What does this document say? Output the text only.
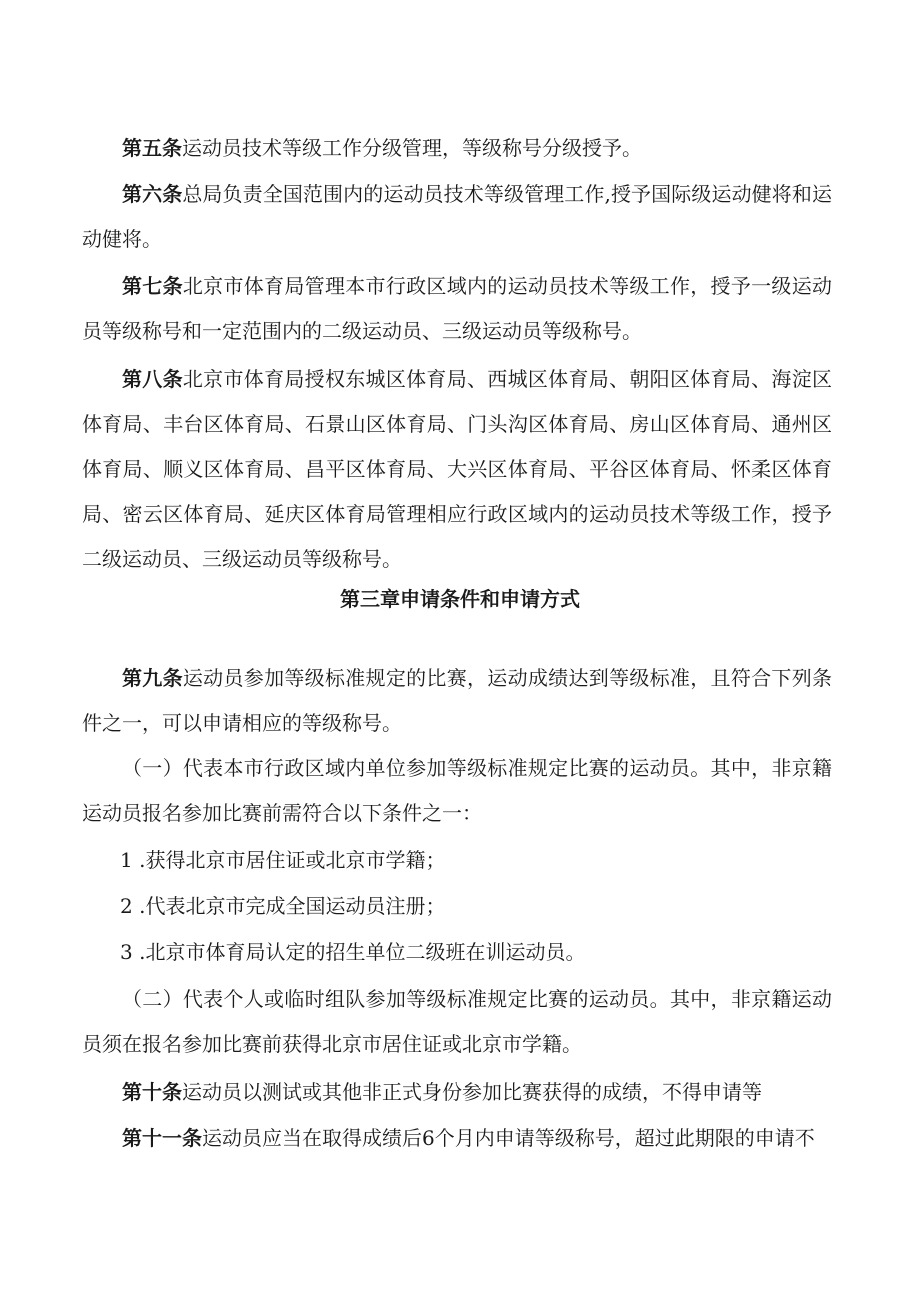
第五条运动员技术等级工作分级管理，等级称号分级授予。

第六条总局负责全国范围内的运动员技术等级管理工作,授予国际级运动健将和运动健将。

第七条北京市体育局管理本市行政区域内的运动员技术等级工作，授予一级运动员等级称号和一定范围内的二级运动员、三级运动员等级称号。

第八条北京市体育局授权东城区体育局、西城区体育局、朝阳区体育局、海淀区体育局、丰台区体育局、石景山区体育局、门头沟区体育局、房山区体育局、通州区体育局、顺义区体育局、昌平区体育局、大兴区体育局、平谷区体育局、怀柔区体育局、密云区体育局、延庆区体育局管理相应行政区域内的运动员技术等级工作，授予二级运动员、三级运动员等级称号。

第三章申请条件和申请方式

第九条运动员参加等级标准规定的比赛，运动成绩达到等级标准，且符合下列条件之一，可以申请相应的等级称号。

（一）代表本市行政区域内单位参加等级标准规定比赛的运动员。其中，非京籍运动员报名参加比赛前需符合以下条件之一：

1 .获得北京市居住证或北京市学籍；

2 .代表北京市完成全国运动员注册；

3 .北京市体育局认定的招生单位二级班在训运动员。

（二）代表个人或临时组队参加等级标准规定比赛的运动员。其中，非京籍运动员须在报名参加比赛前获得北京市居住证或北京市学籍。

第十条运动员以测试或其他非正式身份参加比赛获得的成绩，不得申请等

第十一条运动员应当在取得成绩后6个月内申请等级称号，超过此期限的申请不
